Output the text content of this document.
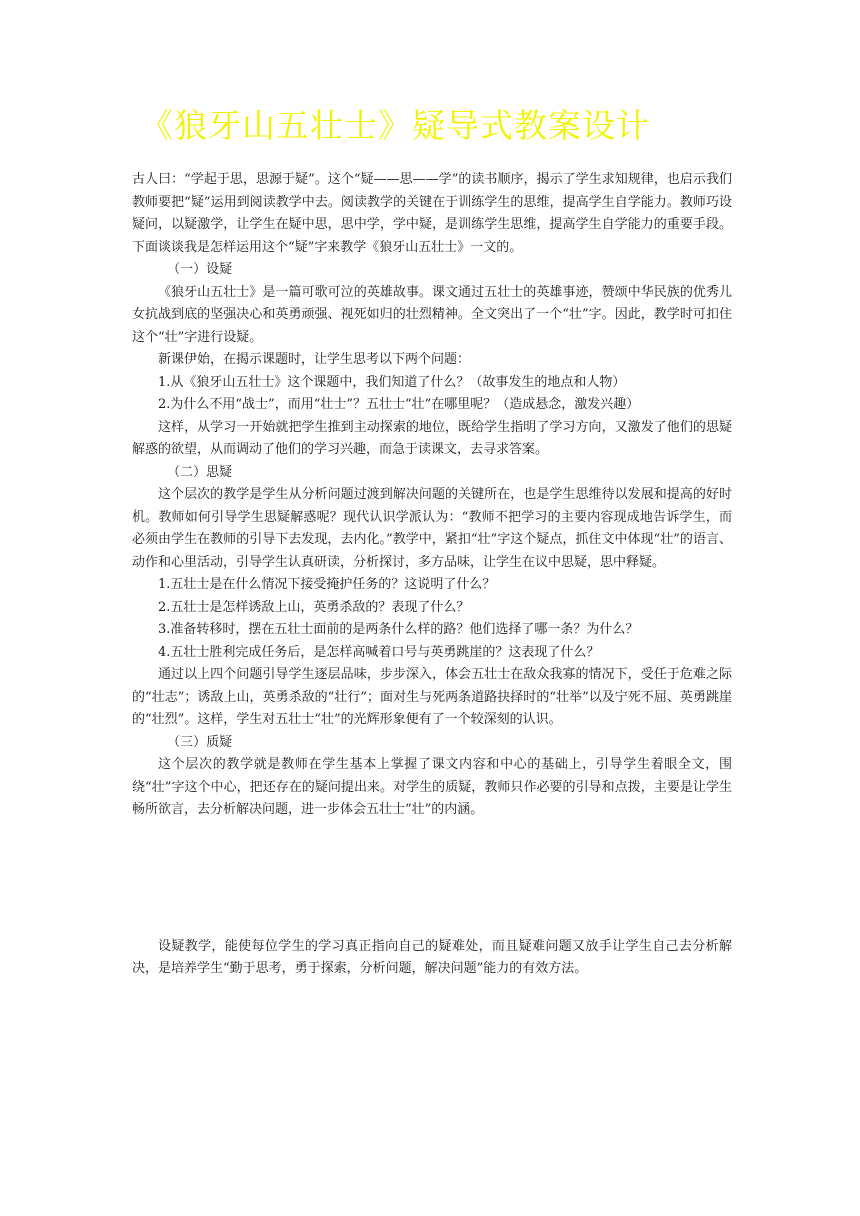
《狼牙山五壮士》疑导式教案设计

古人曰：“学起于思，思源于疑”。这个“疑——思——学”的读书顺序，揭示了学生求知规律，也启示我们教师要把“疑”运用到阅读教学中去。阅读教学的关键在于训练学生的思维，提高学生自学能力。教师巧设疑问，以疑激学，让学生在疑中思，思中学，学中疑，是训练学生思维，提高学生自学能力的重要手段。下面谈谈我是怎样运用这个“疑”字来教学《狼牙山五壮士》一文的。

（一）设疑

《狼牙山五壮士》是一篇可歌可泣的英雄故事。课文通过五壮士的英雄事迹，赞颂中华民族的优秀儿女抗战到底的坚强决心和英勇顽强、视死如归的壮烈精神。全文突出了一个“壮”字。因此，教学时可扣住这个“壮”字进行设疑。

新课伊始，在揭示课题时，让学生思考以下两个问题：

1.从《狼牙山五壮士》这个课题中，我们知道了什么？（故事发生的地点和人物）

2.为什么不用“战士”，而用“壮士”？五壮士“壮”在哪里呢？（造成悬念，激发兴趣）

这样，从学习一开始就把学生推到主动探索的地位，既给学生指明了学习方向，又激发了他们的思疑解惑的欲望，从而调动了他们的学习兴趣，而急于读课文，去寻求答案。

（二）思疑

这个层次的教学是学生从分析问题过渡到解决问题的关键所在，也是学生思维待以发展和提高的好时机。教师如何引导学生思疑解惑呢？现代认识学派认为：“教师不把学习的主要内容现成地告诉学生，而必须由学生在教师的引导下去发现，去内化。”教学中，紧扣“壮”字这个疑点，抓住文中体现“壮”的语言、动作和心里活动，引导学生认真研读，分析探讨，多方品味，让学生在议中思疑，思中释疑。

1.五壮士是在什么情况下接受掩护任务的？这说明了什么？

2.五壮士是怎样诱敌上山，英勇杀敌的？表现了什么？

3.准备转移时，摆在五壮士面前的是两条什么样的路？他们选择了哪一条？为什么？

4.五壮士胜利完成任务后，是怎样高喊着口号与英勇跳崖的？这表现了什么？

通过以上四个问题引导学生逐层品味，步步深入，体会五壮士在敌众我寡的情况下，受任于危难之际的“壮志”；诱敌上山，英勇杀敌的“壮行”；面对生与死两条道路抉择时的“壮举”以及宁死不屈、英勇跳崖的“壮烈”。这样，学生对五壮士“壮”的光辉形象便有了一个较深刻的认识。

（三）质疑

这个层次的教学就是教师在学生基本上掌握了课文内容和中心的基础上，引导学生着眼全文，围绕“壮”字这个中心，把还存在的疑问提出来。对学生的质疑，教师只作必要的引导和点拨，主要是让学生畅所欲言，去分析解决问题，进一步体会五壮士“壮”的内涵。

设疑教学，能使每位学生的学习真正指向自己的疑难处，而且疑难问题又放手让学生自己去分析解决，是培养学生“勤于思考，勇于探索，分析问题，解决问题”能力的有效方法。
